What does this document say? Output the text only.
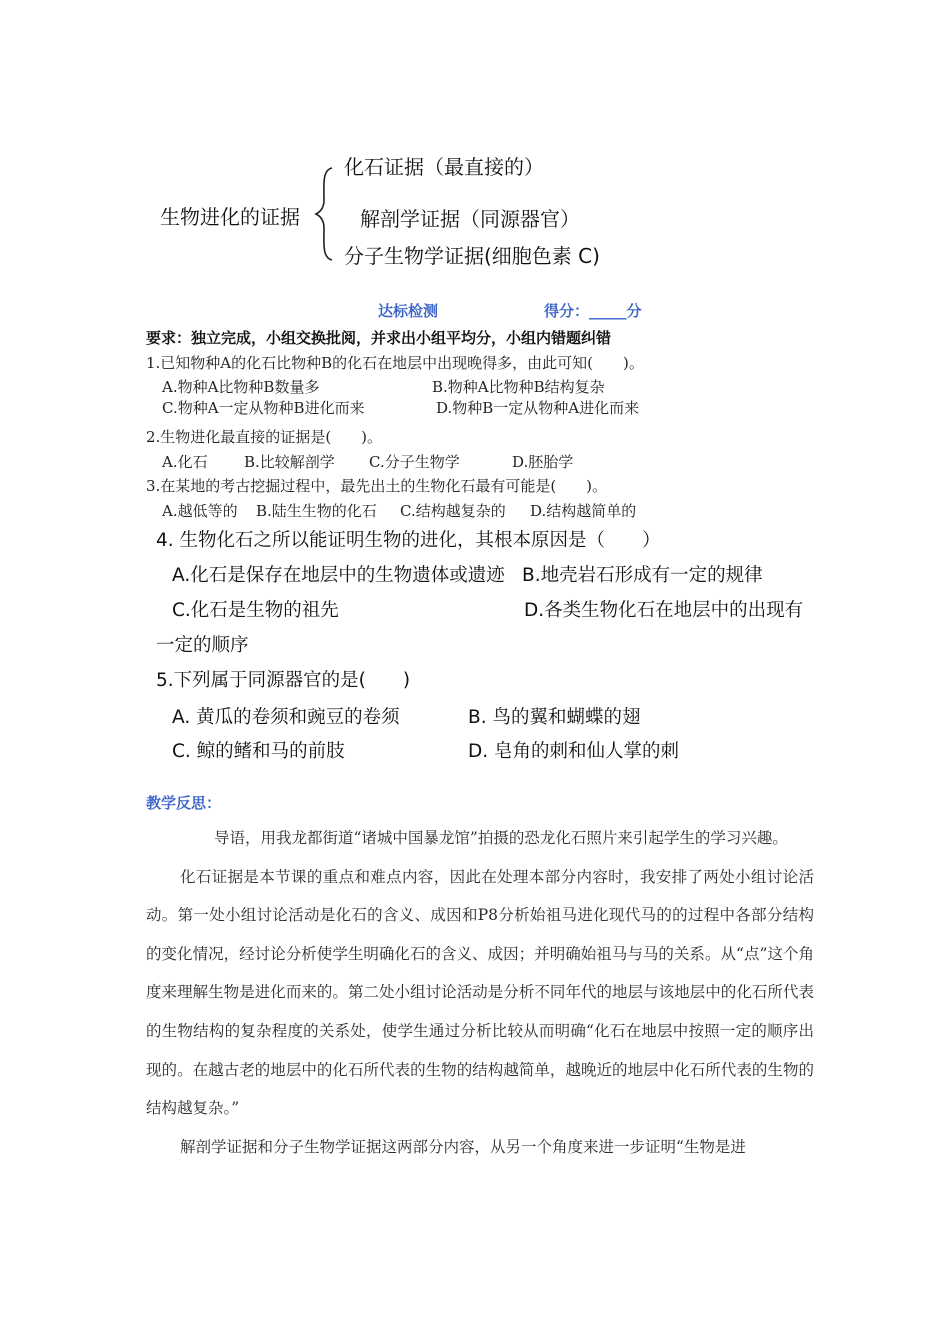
生物进化的证据
化石证据（最直接的）
解剖学证据（同源器官）
分子生物学证据(细胞色素 C)
达标检测	得分：_____分
要求：独立完成，小组交换批阅，并求出小组平均分，小组内错题纠错
1.已知物种A的化石比物种B的化石在地层中出现晚得多，由此可知(　　)。
A.物种A比物种B数量多	B.物种A比物种B结构复杂
C.物种A一定从物种B进化而来	D.物种B一定从物种A进化而来
2.生物进化最直接的证据是(　　)。
A.化石 B.比较解剖学 C.分子生物学	D.胚胎学
3.在某地的考古挖掘过程中，最先出土的生物化石最有可能是(　　)。
A.越低等的 B.陆生生物的化石 C.结构越复杂的 D.结构越简单的
4. 生物化石之所以能证明生物的进化，其根本原因是（　　）
A.化石是保存在地层中的生物遗体或遗迹 B.地壳岩石形成有一定的规律
C.化石是生物的祖先	D.各类生物化石在地层中的出现有
一定的顺序
5.下列属于同源器官的是(　　)
A. 黄瓜的卷须和豌豆的卷须	B. 鸟的翼和蝴蝶的翅
C. 鲸的鳍和马的前肢	D. 皂角的刺和仙人掌的刺
教学反思：

导语，用我龙都街道“诸城中国暴龙馆”拍摄的恐龙化石照片来引起学生的学习兴趣。

化石证据是本节课的重点和难点内容，因此在处理本部分内容时，我安排了两处小组讨论活动。第一处小组讨论活动是化石的含义、成因和P8分析始祖马进化现代马的的过程中各部分结构的变化情况，经讨论分析使学生明确化石的含义、成因；并明确始祖马与马的关系。从“点”这个角度来理解生物是进化而来的。第二处小组讨论活动是分析不同年代的地层与该地层中的化石所代表的生物结构的复杂程度的关系处，使学生通过分析比较从而明确“化石在地层中按照一定的顺序出现的。在越古老的地层中的化石所代表的生物的结构越简单，越晚近的地层中化石所代表的生物的结构越复杂。”

解剖学证据和分子生物学证据这两部分内容，从另一个角度来进一步证明“生物是进
